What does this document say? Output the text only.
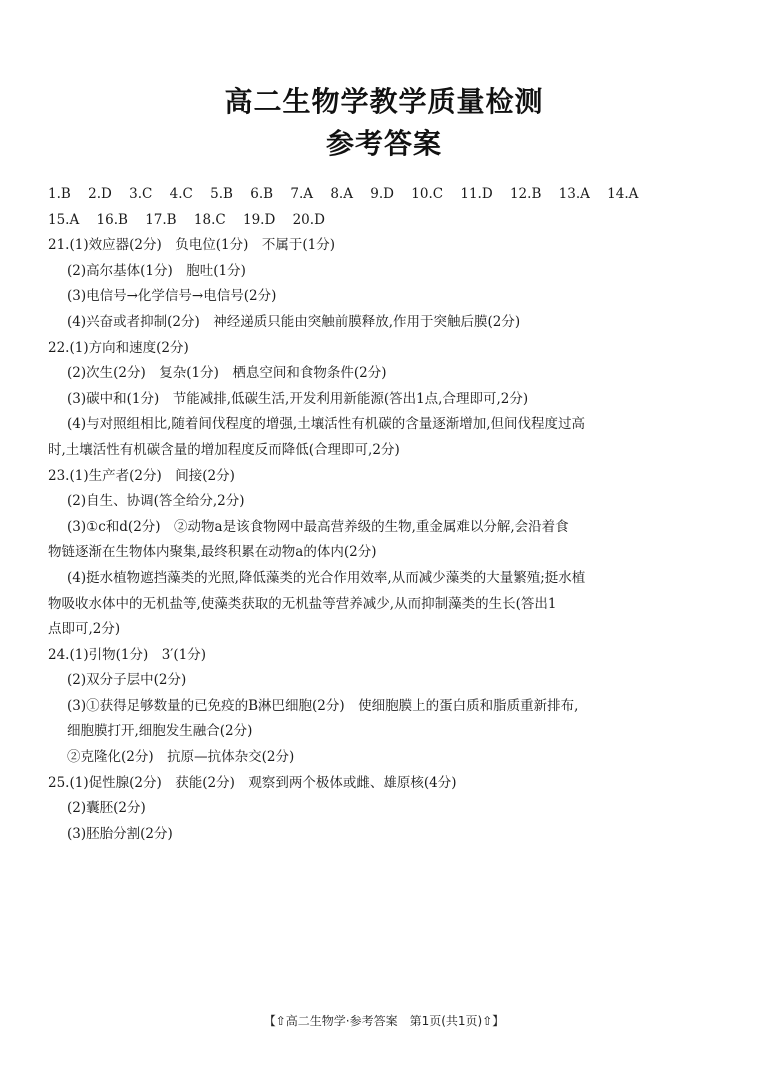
高二生物学教学质量检测
参考答案
1.B 2.D 3.C 4.C 5.B 6.B 7.A 8.A 9.D 10.C 11.D 12.B 13.A 14.A
15.A 16.B 17.B 18.C 19.D 20.D
21.(1)效应器(2分)　负电位(1分)　不属于(1分)
(2)高尔基体(1分)　胞吐(1分)
(3)电信号→化学信号→电信号(2分)
(4)兴奋或者抑制(2分)　神经递质只能由突触前膜释放,作用于突触后膜(2分)
22.(1)方向和速度(2分)
(2)次生(2分)　复杂(1分)　栖息空间和食物条件(2分)
(3)碳中和(1分)　节能减排,低碳生活,开发利用新能源(答出1点,合理即可,2分)
(4)与对照组相比,随着间伐程度的增强,土壤活性有机碳的含量逐渐增加,但间伐程度过高
时,土壤活性有机碳含量的增加程度反而降低(合理即可,2分)
23.(1)生产者(2分)　间接(2分)
(2)自生、协调(答全给分,2分)
(3)①c和d(2分)　②动物a是该食物网中最高营养级的生物,重金属难以分解,会沿着食
物链逐渐在生物体内聚集,最终积累在动物a的体内(2分)
(4)挺水植物遮挡藻类的光照,降低藻类的光合作用效率,从而减少藻类的大量繁殖;挺水植
物吸收水体中的无机盐等,使藻类获取的无机盐等营养减少,从而抑制藻类的生长(答出1
点即可,2分)
24.(1)引物(1分)　3′(1分)
(2)双分子层中(2分)
(3)①获得足够数量的已免疫的B淋巴细胞(2分)　使细胞膜上的蛋白质和脂质重新排布,
细胞膜打开,细胞发生融合(2分)
②克隆化(2分)　抗原—抗体杂交(2分)
25.(1)促性腺(2分)　获能(2分)　观察到两个极体或雌、雄原核(4分)
(2)囊胚(2分)
(3)胚胎分割(2分)
【⇧高二生物学·参考答案　第1页(共1页)⇧】
